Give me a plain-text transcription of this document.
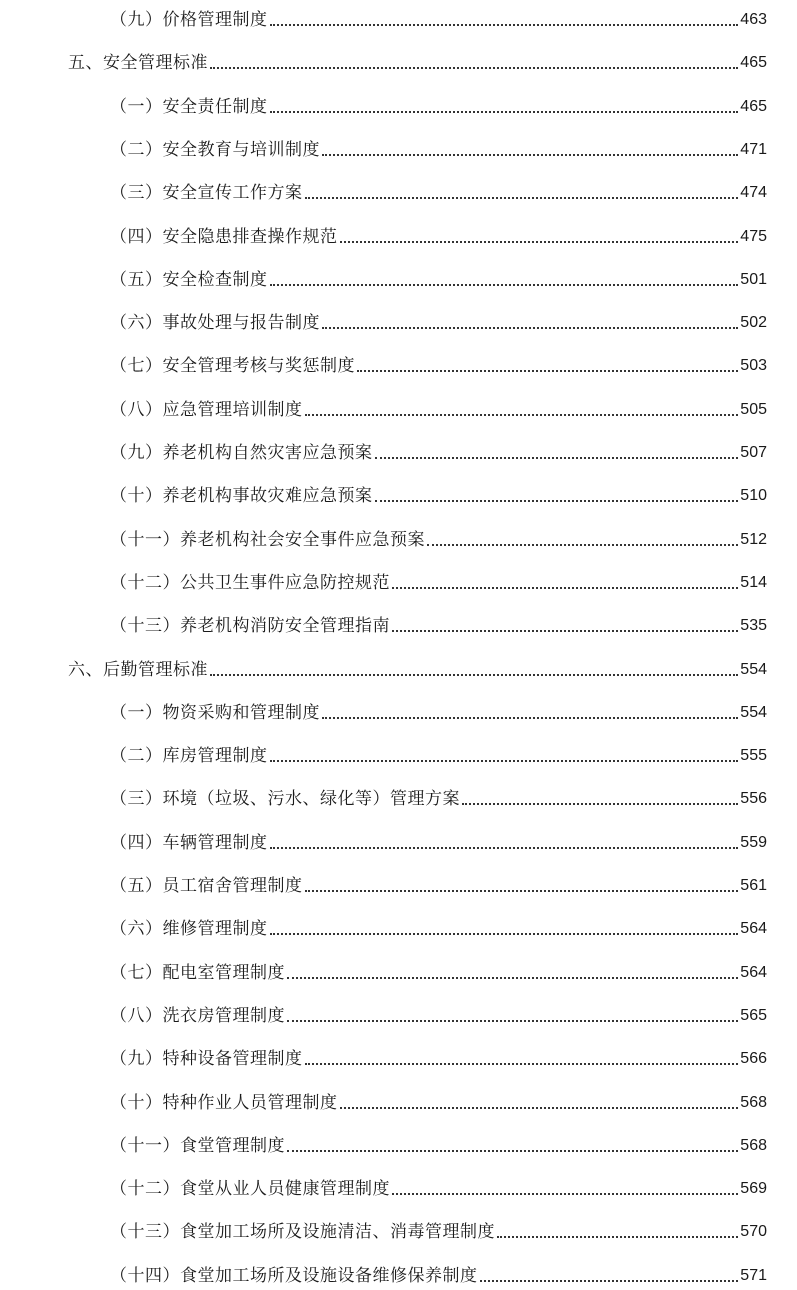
（九）价格管理制度	463
五、安全管理标准	465
（一）安全责任制度	465
（二）安全教育与培训制度	471
（三）安全宣传工作方案	474
（四）安全隐患排查操作规范	475
（五）安全检查制度	501
（六）事故处理与报告制度	502
（七）安全管理考核与奖惩制度	503
（八）应急管理培训制度	505
（九）养老机构自然灾害应急预案	507
（十）养老机构事故灾难应急预案	510
（十一）养老机构社会安全事件应急预案	512
（十二）公共卫生事件应急防控规范	514
（十三）养老机构消防安全管理指南	535
六、后勤管理标准	554
（一）物资采购和管理制度	554
（二）库房管理制度	555
（三）环境（垃圾、污水、绿化等）管理方案	556
（四）车辆管理制度	559
（五）员工宿舍管理制度	561
（六）维修管理制度	564
（七）配电室管理制度	564
（八）洗衣房管理制度	565
（九）特种设备管理制度	566
（十）特种作业人员管理制度	568
（十一）食堂管理制度	568
（十二）食堂从业人员健康管理制度	569
（十三）食堂加工场所及设施清洁、消毒管理制度	570
（十四）食堂加工场所及设施设备维修保养制度	571
